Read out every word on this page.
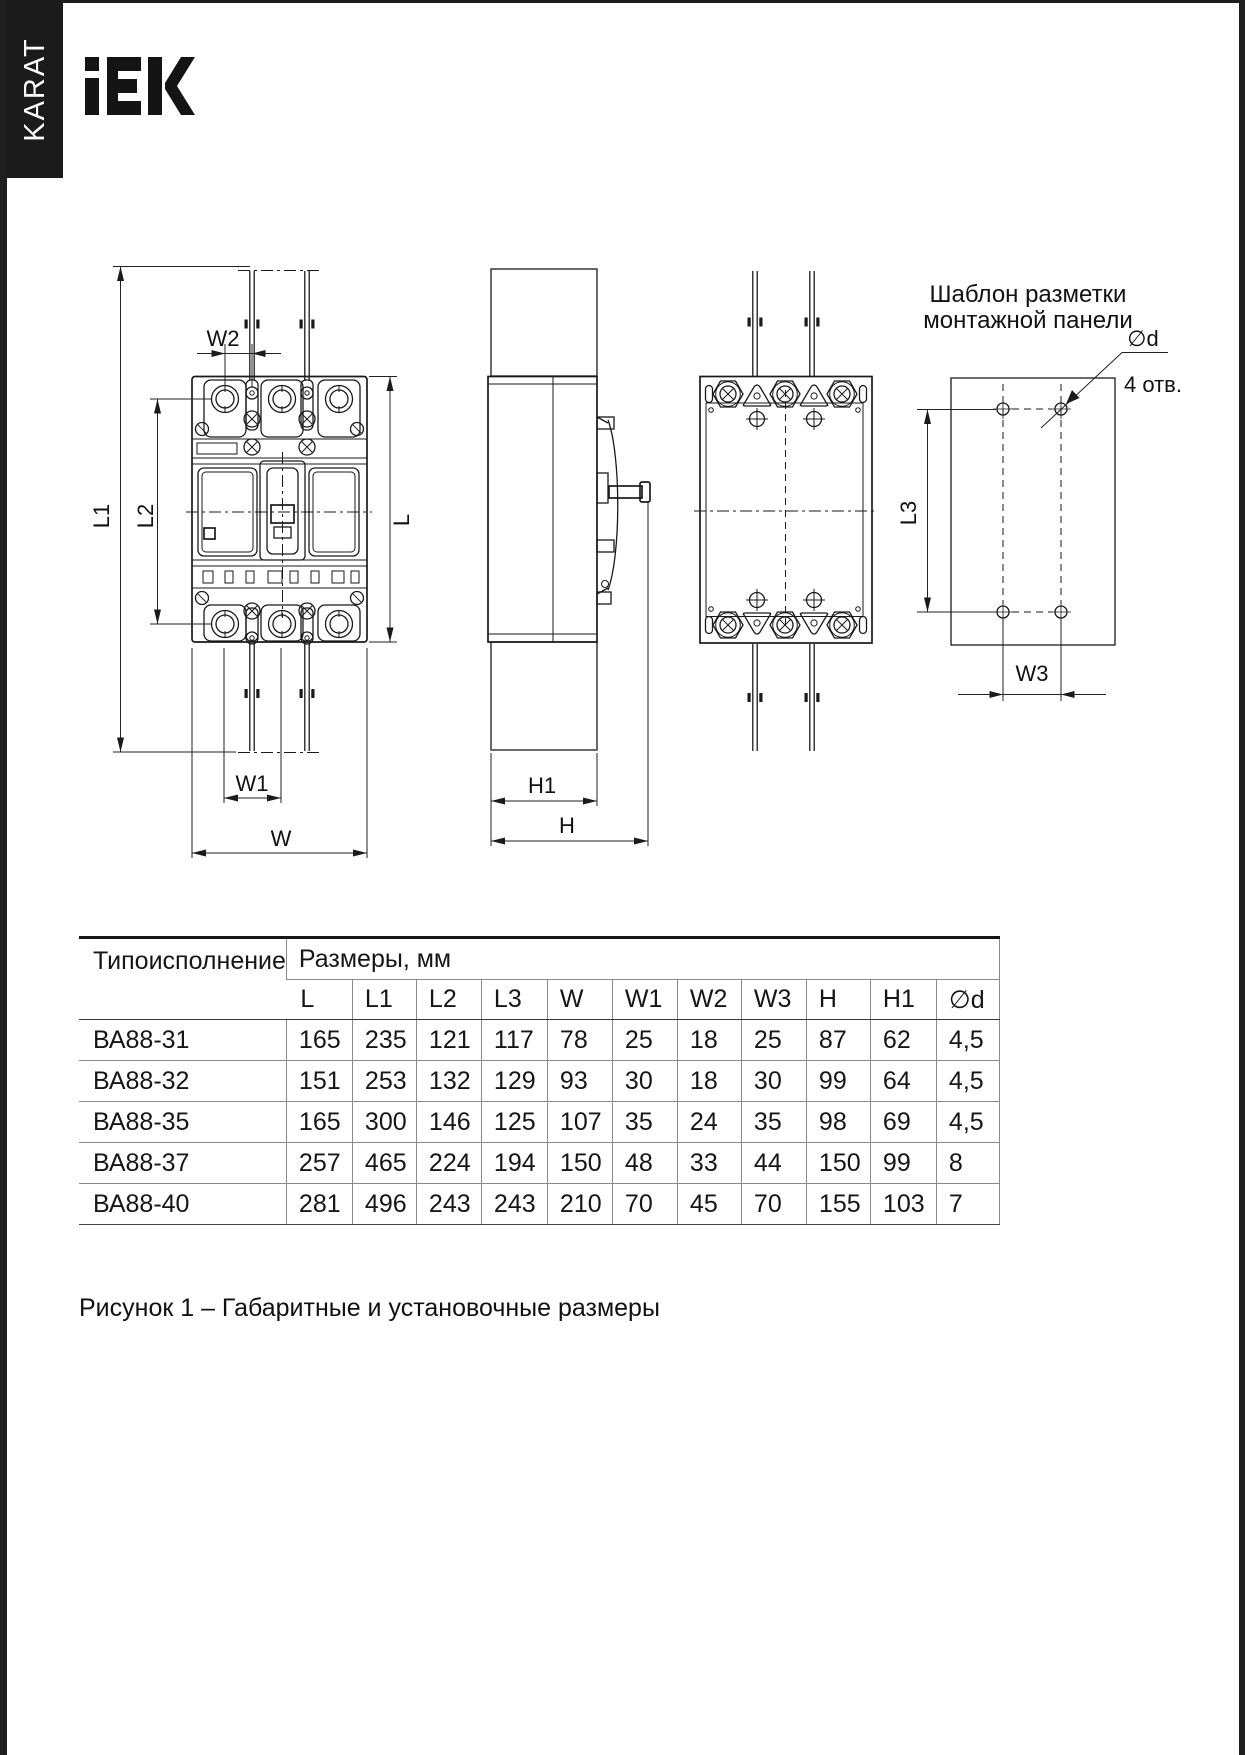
KARAT
W2
L1 L2	L
W1
W
H1
H
Шаблон разметки
монтажной панели
∅d
4 отв.
L3
W3
Типоисполнение	Размеры, мм										
	L	L1	L2	L3	W	W1	W2	W3	H	H1	∅d
ВА88-31	165	235	121	117	78	25	18	25	87	62	4,5
ВА88-32	151	253	132	129	93	30	18	30	99	64	4,5
ВА88-35	165	300	146	125	107	35	24	35	98	69	4,5
ВА88-37	257	465	224	194	150	48	33	44	150	99	8
ВА88-40	281	496	243	243	210	70	45	70	155	103	7
Рисунок 1 – Габаритные и установочные размеры
